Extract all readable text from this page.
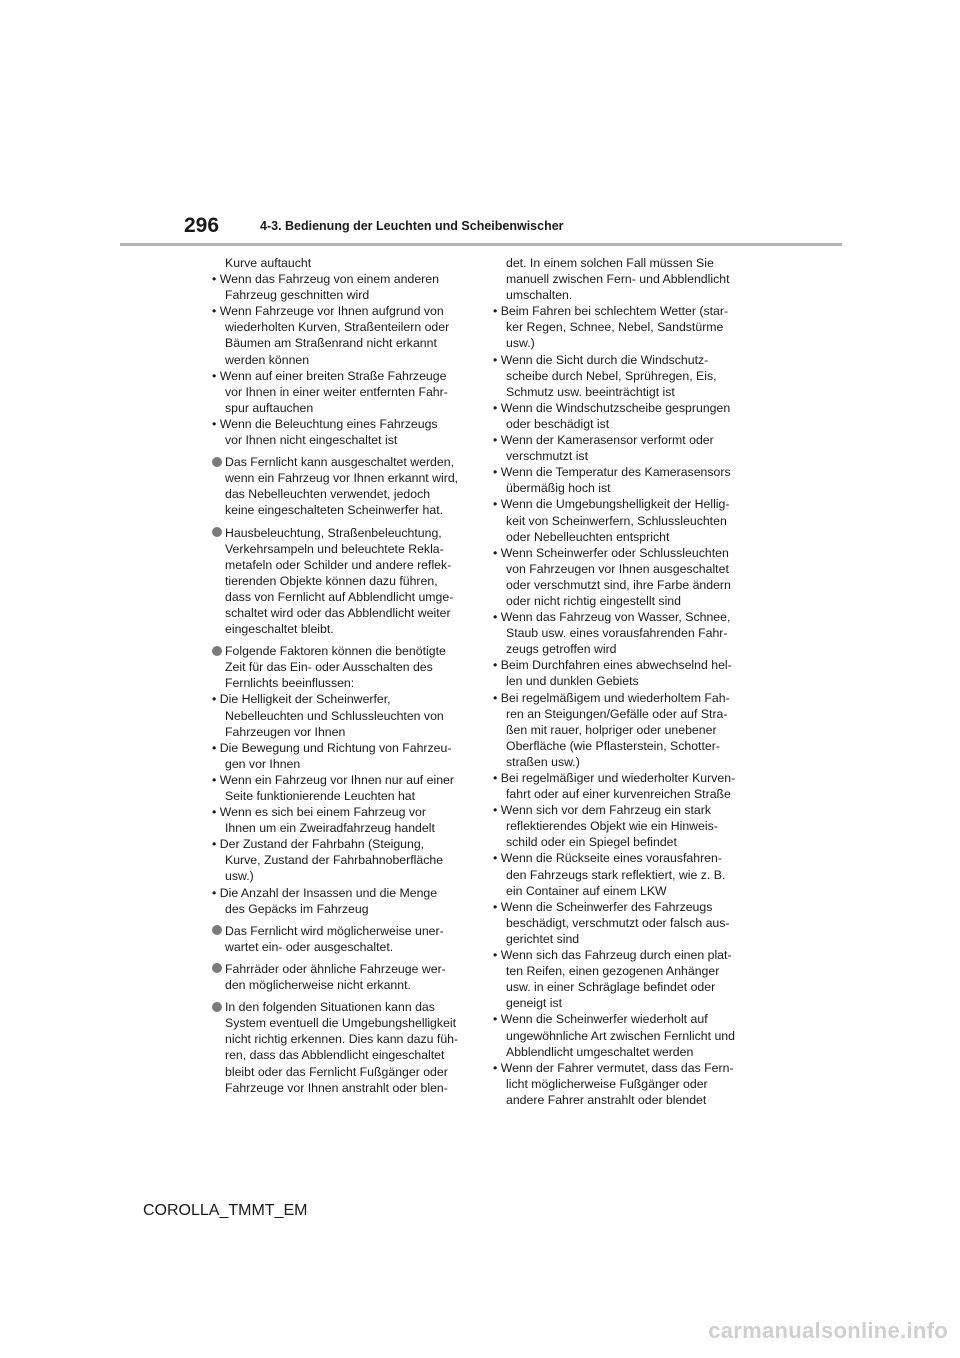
296	4-3. Bedienung der Leuchten und Scheibenwischer
Kurve auftaucht
• Wenn das Fahrzeug von einem anderen
Fahrzeug geschnitten wird
• Wenn Fahrzeuge vor Ihnen aufgrund von
wiederholten Kurven, Straßenteilern oder
Bäumen am Straßenrand nicht erkannt
werden können
• Wenn auf einer breiten Straße Fahrzeuge
vor Ihnen in einer weiter entfernten Fahr-
spur auftauchen
• Wenn die Beleuchtung eines Fahrzeugs
vor Ihnen nicht eingeschaltet ist
Das Fernlicht kann ausgeschaltet werden,
wenn ein Fahrzeug vor Ihnen erkannt wird,
das Nebelleuchten verwendet, jedoch
keine eingeschalteten Scheinwerfer hat.
Hausbeleuchtung, Straßenbeleuchtung,
Verkehrsampeln und beleuchtete Rekla-
metafeln oder Schilder und andere reflek-
tierenden Objekte können dazu führen,
dass von Fernlicht auf Abblendlicht umge-
schaltet wird oder das Abblendlicht weiter
eingeschaltet bleibt.
Folgende Faktoren können die benötigte
Zeit für das Ein- oder Ausschalten des
Fernlichts beeinflussen:
• Die Helligkeit der Scheinwerfer,
Nebelleuchten und Schlussleuchten von
Fahrzeugen vor Ihnen
• Die Bewegung und Richtung von Fahrzeu-
gen vor Ihnen
• Wenn ein Fahrzeug vor Ihnen nur auf einer
Seite funktionierende Leuchten hat
• Wenn es sich bei einem Fahrzeug vor
Ihnen um ein Zweiradfahrzeug handelt
• Der Zustand der Fahrbahn (Steigung,
Kurve, Zustand der Fahrbahnoberfläche
usw.)
• Die Anzahl der Insassen und die Menge
des Gepäcks im Fahrzeug
Das Fernlicht wird möglicherweise uner-
wartet ein- oder ausgeschaltet.
Fahrräder oder ähnliche Fahrzeuge wer-
den möglicherweise nicht erkannt.
In den folgenden Situationen kann das
System eventuell die Umgebungshelligkeit
nicht richtig erkennen. Dies kann dazu füh-
ren, dass das Abblendlicht eingeschaltet
bleibt oder das Fernlicht Fußgänger oder
Fahrzeuge vor Ihnen anstrahlt oder blen-
det. In einem solchen Fall müssen Sie
manuell zwischen Fern- und Abblendlicht
umschalten.
• Beim Fahren bei schlechtem Wetter (star-
ker Regen, Schnee, Nebel, Sandstürme
usw.)
• Wenn die Sicht durch die Windschutz-
scheibe durch Nebel, Sprühregen, Eis,
Schmutz usw. beeinträchtigt ist
• Wenn die Windschutzscheibe gesprungen
oder beschädigt ist
• Wenn der Kamerasensor verformt oder
verschmutzt ist
• Wenn die Temperatur des Kamerasensors
übermäßig hoch ist
• Wenn die Umgebungshelligkeit der Hellig-
keit von Scheinwerfern, Schlussleuchten
oder Nebelleuchten entspricht
• Wenn Scheinwerfer oder Schlussleuchten
von Fahrzeugen vor Ihnen ausgeschaltet
oder verschmutzt sind, ihre Farbe ändern
oder nicht richtig eingestellt sind
• Wenn das Fahrzeug von Wasser, Schnee,
Staub usw. eines vorausfahrenden Fahr-
zeugs getroffen wird
• Beim Durchfahren eines abwechselnd hel-
len und dunklen Gebiets
• Bei regelmäßigem und wiederholtem Fah-
ren an Steigungen/Gefälle oder auf Stra-
ßen mit rauer, holpriger oder unebener
Oberfläche (wie Pflasterstein, Schotter-
straßen usw.)
• Bei regelmäßiger und wiederholter Kurven-
fahrt oder auf einer kurvenreichen Straße
• Wenn sich vor dem Fahrzeug ein stark
reflektierendes Objekt wie ein Hinweis-
schild oder ein Spiegel befindet
• Wenn die Rückseite eines vorausfahren-
den Fahrzeugs stark reflektiert, wie z. B.
ein Container auf einem LKW
• Wenn die Scheinwerfer des Fahrzeugs
beschädigt, verschmutzt oder falsch aus-
gerichtet sind
• Wenn sich das Fahrzeug durch einen plat-
ten Reifen, einen gezogenen Anhänger
usw. in einer Schräglage befindet oder
geneigt ist
• Wenn die Scheinwerfer wiederholt auf
ungewöhnliche Art zwischen Fernlicht und
Abblendlicht umgeschaltet werden
• Wenn der Fahrer vermutet, dass das Fern-
licht möglicherweise Fußgänger oder
andere Fahrer anstrahlt oder blendet
COROLLA_TMMT_EM
carmanualsonline.info
